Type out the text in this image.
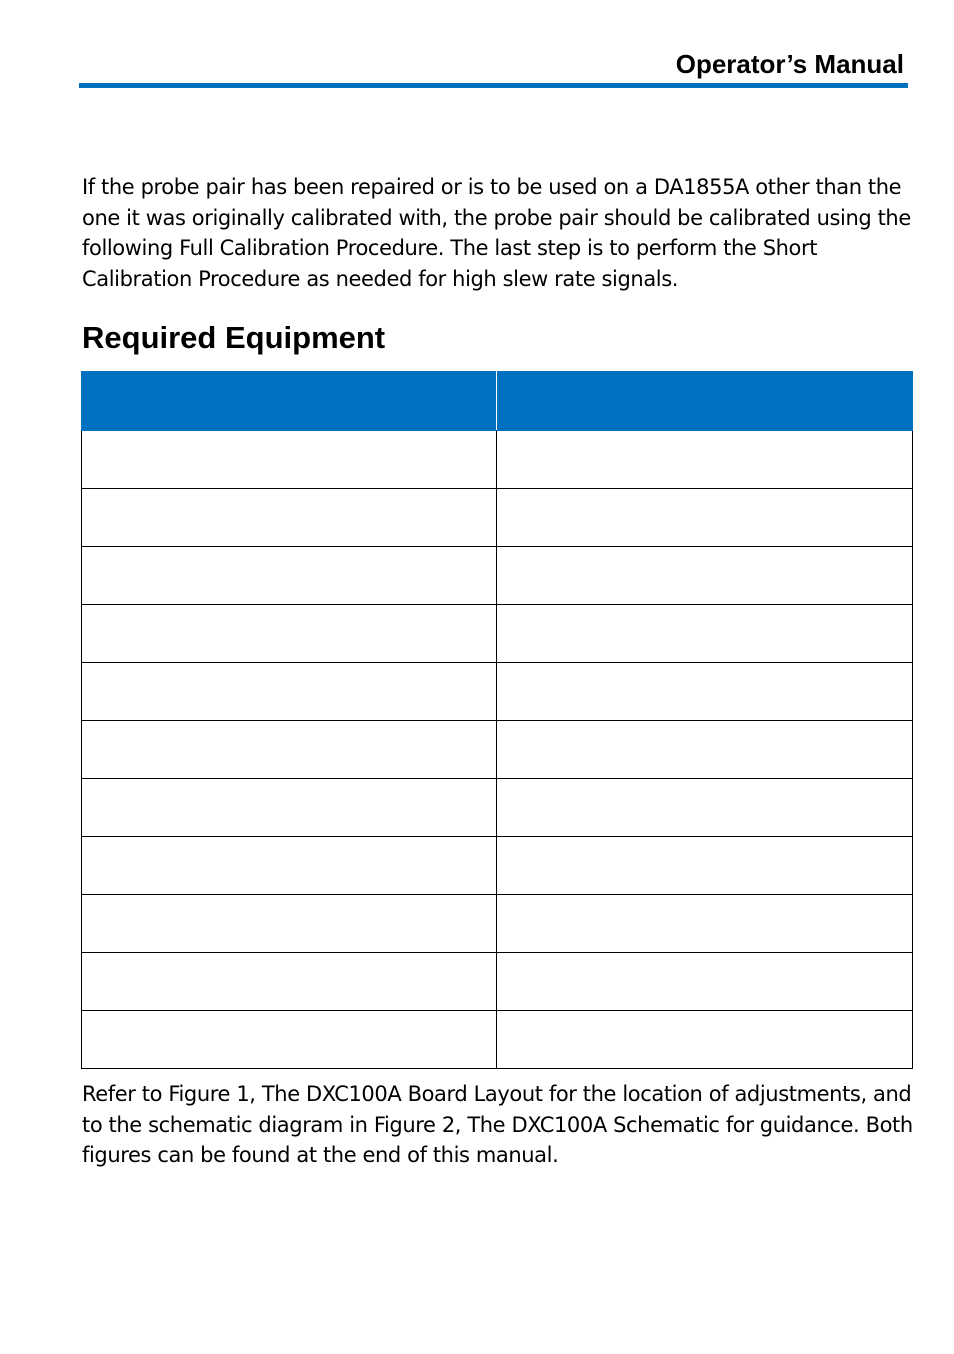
Operator’s Manual

If the probe pair has been repaired or is to be used on a DA1855A other than the one it was originally calibrated with, the probe pair should be calibrated using the following Full Calibration Procedure. The last step is to perform the Short Calibration Procedure as needed for high slew rate signals.

Required Equipment

Refer to Figure 1, The DXC100A Board Layout for the location of adjustments, and to the schematic diagram in Figure 2, The DXC100A Schematic for guidance. Both figures can be found at the end of this manual.
